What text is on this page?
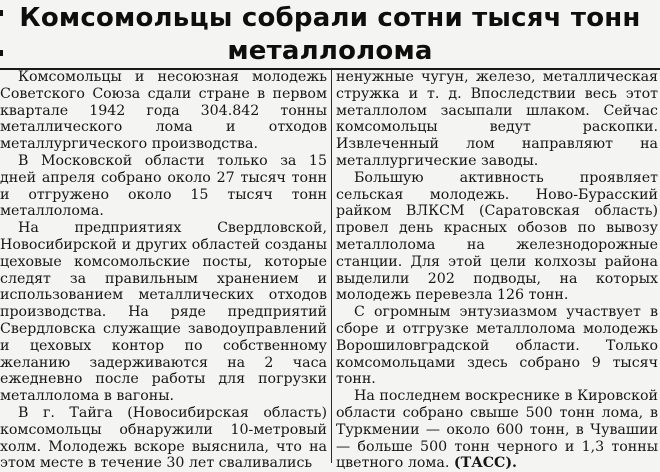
Комсомольцы собрали сотни тысяч тонн
металлолома

Комсомольцы и несоюзная молодежь Советского Союза сдали стране в первом квартале 1942 года 304.842 тонны металлического лома и отходов металлургического производства.

В Московской области только за 15 дней апреля собрано около 27 тысяч тонн и отгружено около 15 тысяч тонн металлолома.

На предприятиях Свердловской, Новосибирской и других областей созданы цеховые комсомольские посты, которые следят за правильным хранением и использованием металлических отходов производства. На ряде предприятий Свердловска служащие заводоуправлений и цеховых контор по собственному желанию задерживаются на 2 часа ежедневно после работы для погрузки металлолома в вагоны.

В г. Тайга (Новосибирская область) комсомольцы обнаружили 10-метровый холм. Молодежь вскоре выяснила, что на этом месте в течение 30 лет сваливались

ненужные чугун, железо, металлическая стружка и т. д. Впоследствии весь этот металлолом засыпали шлаком. Сейчас комсомольцы ведут раскопки. Извлеченный лом направляют на металлургические заводы.

Большую активность проявляет сельская молодежь. Ново-Бурасский райком ВЛКСМ (Саратовская область) провел день красных обозов по вывозу металлолома на железнодорожные станции. Для этой цели колхозы района выделили 202 подводы, на которых молодежь перевезла 126 тонн.

С огромным энтузиазмом участвует в сборе и отгрузке металлолома молодежь Ворошиловградской области. Только комсомольцами здесь собрано 9 тысяч тонн.

На последнем воскреснике в Кировской области собрано свыше 500 тонн лома, в Туркмении — около 600 тонн, в Чувашии — больше 500 тонн черного и 1,3 тонны цветного лома. (ТАСС).
